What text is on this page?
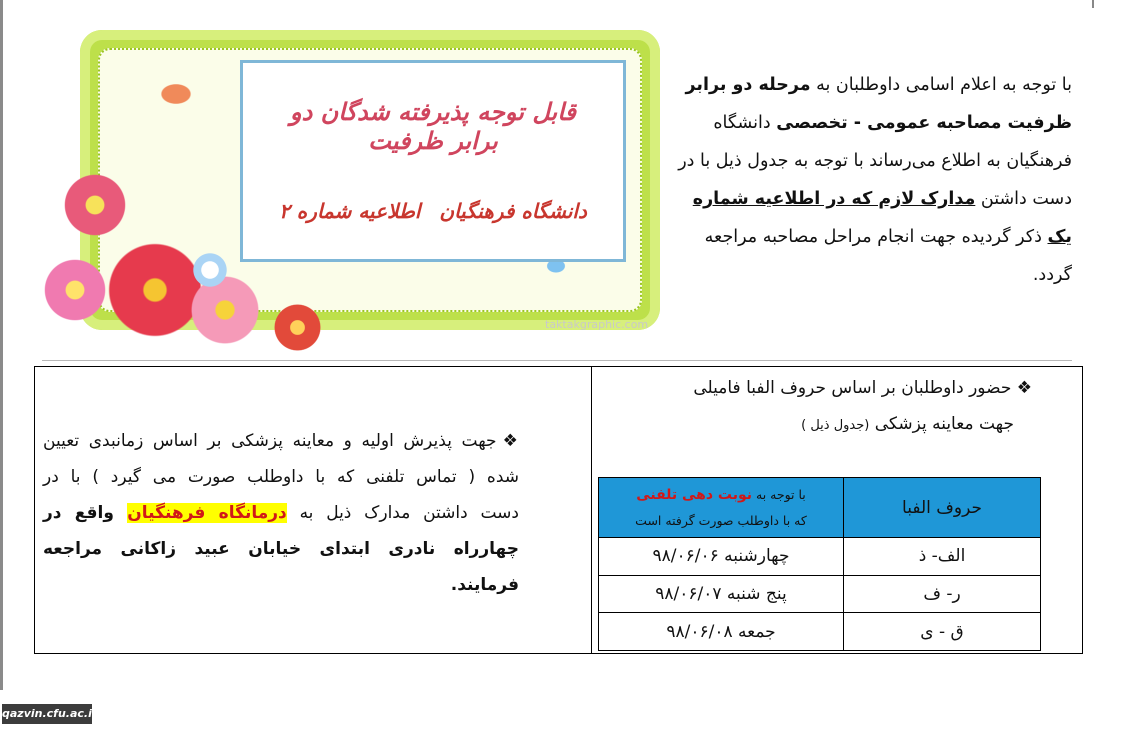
قابل توجه پذیرفته شدگان دو برابر ظرفیت
دانشگاه فرهنگیان اطلاعیه شماره ۲
taktakgraphic.com
با توجه به اعلام اسامی داوطلبان به مرحله دو برابر ظرفیت مصاحبه عمومی - تخصصی دانشگاه فرهنگیان به اطلاع می‌رساند با توجه به جدول ذیل با در دست داشتن مدارک لازم که در اطلاعیه شماره یک ذکر گردیده جهت انجام مراحل مصاحبه مراجعه گردد.
❖جهت پذیرش اولیه و معاینه پزشکی بر اساس زمانبدی تعیین شده ( تماس تلفنی که با داوطلب صورت می گیرد ) با در دست داشتن مدارک ذیل به درمانگاه فرهنگیان واقع در چهارراه نادری ابتدای خیابان عبید زاکانی مراجعه فرمایند.
❖ حضور داوطلبان بر اساس حروف الفبا فامیلی
جهت معاینه پزشکی (جدول ذیل )
حروف الفبا	با توجه به نوبت دهی تلفنی
که با داوطلب صورت گرفته است

الف- ذ	چهارشنبه ۹۸/۰۶/۰۶
ر- ف	پنج شنبه ۹۸/۰۶/۰۷
ق - ی	جمعه ۹۸/۰۶/۰۸
qazvin.cfu.ac.ir
